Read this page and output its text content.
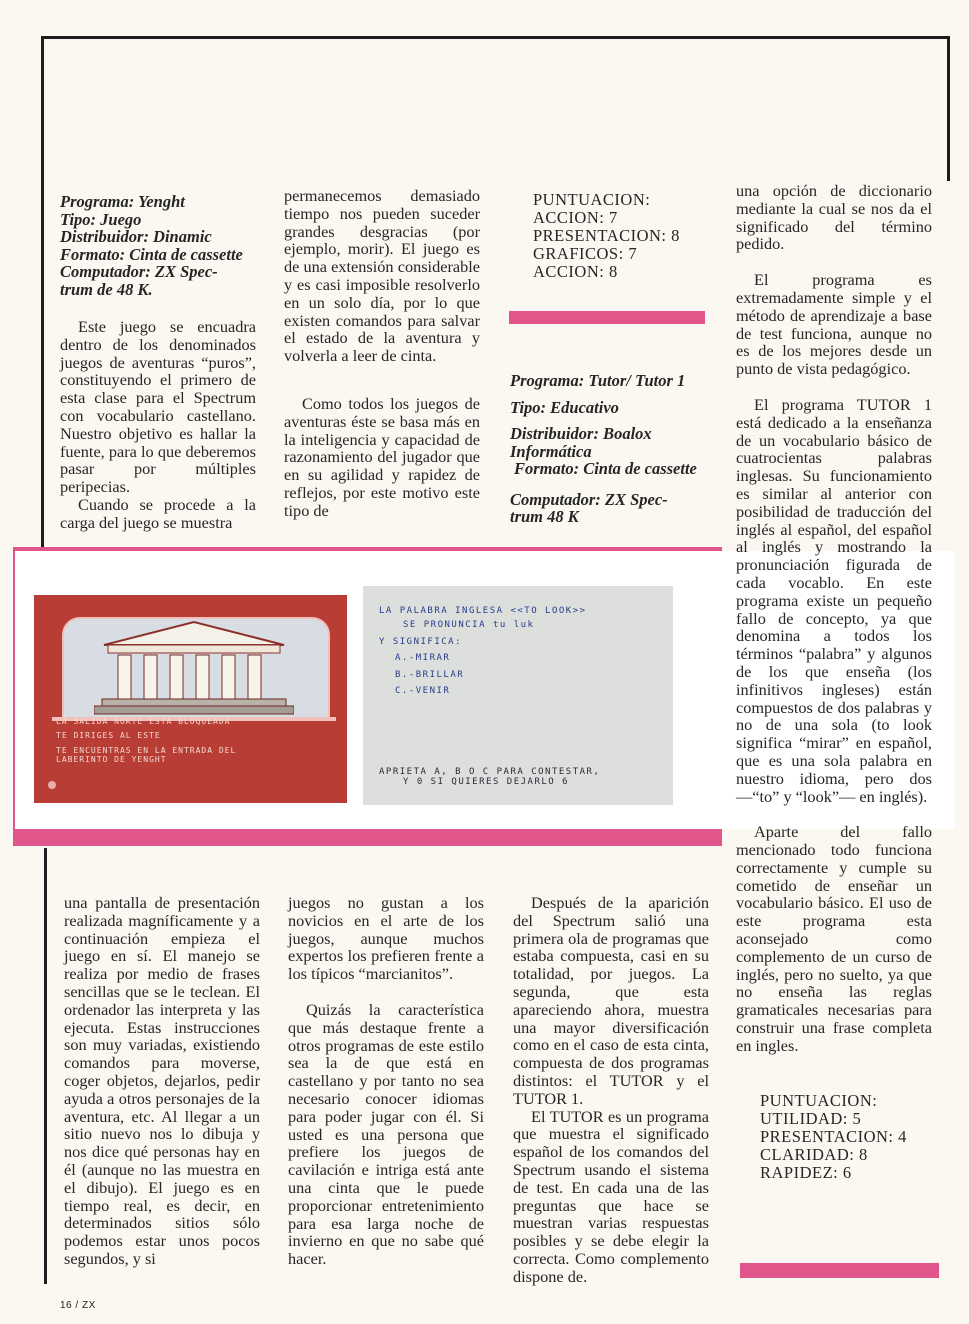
LA SALIDA NORTE ESTA BLOQUEADA
TE DIRIGES AL ESTE
TE ENCUENTRAS EN LA ENTRADA DEL
LABERINTO DE YENGHT
LA PALABRA INGLESA <<TO LOOK>>
SE PRONUNCIA tu luk
Y SIGNIFICA:
A.-MIRAR
B.-BRILLAR
C.-VENIR
APRIETA A, B O C PARA CONTESTAR,
Y 0 SI QUIERES DEJARLO 6
Programa: Yenght
Tipo: Juego
Distribuidor: Dinamic
Formato: Cinta de cassette
Computador: ZX Spec-
trum de 48 K.

Este juego se encuadra dentro de los denominados juegos de aventuras “puros”, constituyendo el primero de esta clase para el Spectrum con vocabulario castellano. Nuestro objetivo es hallar la fuente, para lo que deberemos pasar por múltiples peripecias.

Cuando se procede a la carga del juego se muestra

permanecemos demasiado tiempo nos pueden suceder grandes desgracias (por ejemplo, morir). El juego es de una extensión considerable y es casi imposible resolverlo en un solo día, por lo que existen comandos para salvar el estado de la aventura y volverla a leer de cinta.

Como todos los juegos de aventuras éste se basa más en la inteligencia y capacidad de razonamiento del jugador que en su agilidad y rapidez de reflejos, por este motivo este tipo de

PUNTUACION:
ACCION: 7
PRESENTACION: 8
GRAFICOS: 7
ACCION: 8
Programa: Tutor/ Tutor 1
Tipo: Educativo
Distribuidor: Boalox
Informática
Formato: Cinta de cassette
Computador: ZX Spec-
trum 48 K

una opción de diccionario mediante la cual se nos da el significado del término pedido.

El programa es extremadamente simple y el método de aprendizaje a base de test funciona, aunque no es de los mejores desde un punto de vista pedagógico.

El programa TUTOR 1 está dedicado a la enseñanza de un vocabulario básico de cuatrocientas palabras inglesas. Su funcionamiento es similar al anterior con posibilidad de traducción del inglés al español, del español al inglés y mostrando la pronunciación figurada de cada vocablo. En este programa existe un pequeño fallo de concepto, ya que denomina a todos los términos “palabra” y algunos de los que enseña (los infinitivos ingleses) están compuestos de dos palabras y no de una sola (to look significa “mirar” en español, que es una sola palabra en nuestro idioma, pero dos —“to” y “look”— en inglés).

Aparte del fallo mencionado todo funciona correctamente y cumple su cometido de enseñar un vocabulario básico. El uso de este programa esta aconsejado como complemento de un curso de inglés, pero no suelto, ya que no enseña las reglas gramaticales necesarias para construir una frase completa en ingles.

PUNTUACION:
UTILIDAD: 5
PRESENTACION: 4
CLARIDAD: 8
RAPIDEZ: 6

una pantalla de presentación realizada magníficamente y a continuación empieza el juego en sí. El manejo se realiza por medio de frases sencillas que se le teclean. El ordenador las interpreta y las ejecuta. Estas instrucciones son muy variadas, existiendo comandos para moverse, coger objetos, dejarlos, pedir ayuda a otros personajes de la aventura, etc. Al llegar a un sitio nuevo nos lo dibuja y nos dice qué personas hay en él (aunque no las muestra en el dibujo). El juego es en tiempo real, es decir, en determinados sitios sólo podemos estar unos pocos segundos, y si

juegos no gustan a los novicios en el arte de los juegos, aunque muchos expertos los prefieren frente a los típicos “marcianitos”.

Quizás la característica que más destaque frente a otros programas de este estilo sea la de que está en castellano y por tanto no sea necesario conocer idiomas para poder jugar con él. Si usted es una persona que prefiere los juegos de cavilación e intriga está ante una cinta que le puede proporcionar entretenimiento para esa larga noche de invierno en que no sabe qué hacer.

Después de la aparición del Spectrum salió una primera ola de programas que estaba compuesta, casi en su totalidad, por juegos. La segunda, que esta apareciendo ahora, muestra una mayor diversificación como en el caso de esta cinta, compuesta de dos programas distintos: el TUTOR y el TUTOR 1.

El TUTOR es un programa que muestra el significado español de los comandos del Spectrum usando el sistema de test. En cada una de las preguntas que hace se muestran varias respuestas posibles y se debe elegir la correcta. Como complemento dispone de.

16 / ZX
